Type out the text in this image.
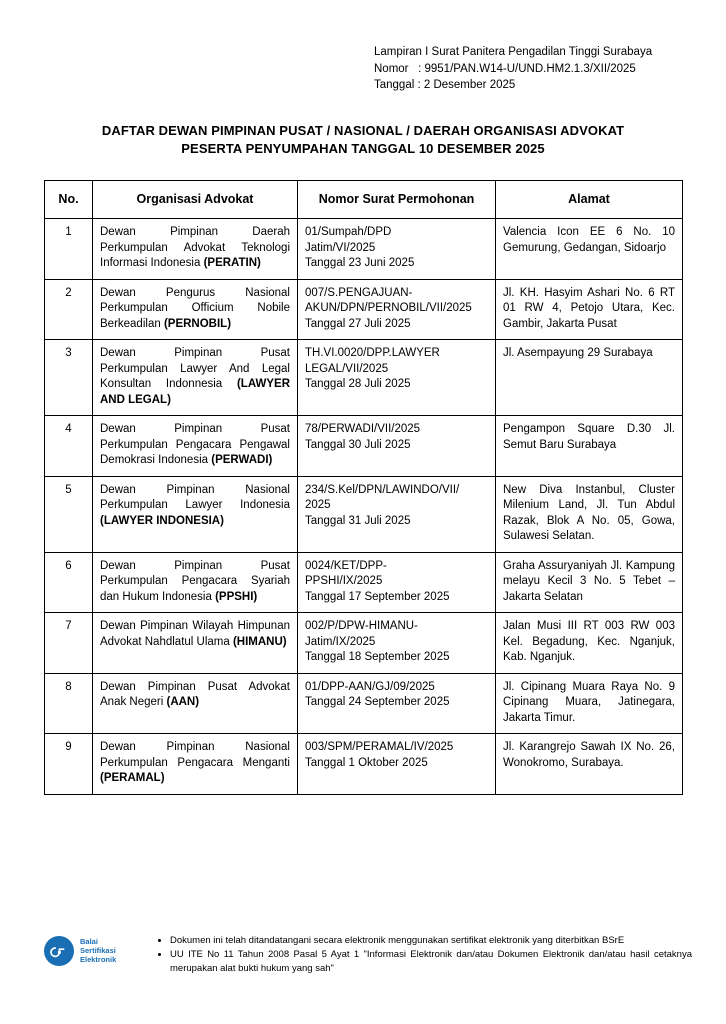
Lampiran I Surat Panitera Pengadilan Tinggi Surabaya
Nomor   : 9951/PAN.W14-U/UND.HM2.1.3/XII/2025
Tanggal : 2 Desember 2025
DAFTAR DEWAN PIMPINAN PUSAT / NASIONAL / DAERAH ORGANISASI ADVOKAT
PESERTA PENYUMPAHAN TANGGAL 10 DESEMBER 2025
No.	Organisasi Advokat	Nomor Surat Permohonan	Alamat
1	Dewan Pimpinan Daerah Perkumpulan Advokat Teknologi Informasi Indonesia (PERATIN)	01/Sumpah/DPD
Jatim/VI/2025
Tanggal 23 Juni 2025	Valencia Icon EE 6 No. 10 Gemurung, Gedangan, Sidoarjo
2	Dewan Pengurus Nasional Perkumpulan Officium Nobile Berkeadilan (PERNOBIL)	007/S.PENGAJUAN-
AKUN/DPN/PERNOBIL/VII/2025
Tanggal 27 Juli 2025	Jl. KH. Hasyim Ashari No. 6 RT 01 RW 4, Petojo Utara, Kec. Gambir, Jakarta Pusat
3	Dewan Pimpinan Pusat Perkumpulan Lawyer And Legal Konsultan Indonnesia (LAWYER AND LEGAL)	TH.VI.0020/DPP.LAWYER
LEGAL/VII/2025
Tanggal 28 Juli 2025	Jl. Asempayung 29 Surabaya
4	Dewan Pimpinan Pusat Perkumpulan Pengacara Pengawal Demokrasi Indonesia (PERWADI)	78/PERWADI/VII/2025
Tanggal 30 Juli 2025	Pengampon Square D.30 Jl. Semut Baru Surabaya
5	Dewan Pimpinan Nasional Perkumpulan Lawyer Indonesia (LAWYER INDONESIA)	234/S.Kel/DPN/LAWINDO/VII/
2025
Tanggal 31 Juli 2025	New Diva Instanbul, Cluster Milenium Land, Jl. Tun Abdul Razak, Blok A No. 05, Gowa, Sulawesi Selatan.
6	Dewan Pimpinan Pusat Perkumpulan Pengacara Syariah dan Hukum Indonesia (PPSHI)	0024/KET/DPP-
PPSHI/IX/2025
Tanggal 17 September 2025	Graha Assuryaniyah Jl. Kampung melayu Kecil 3 No. 5 Tebet – Jakarta Selatan
7	Dewan Pimpinan Wilayah Himpunan Advokat Nahdlatul Ulama (HIMANU)	002/P/DPW-HIMANU-
Jatim/IX/2025
Tanggal 18 September 2025	Jalan Musi III RT 003 RW 003 Kel. Begadung, Kec. Nganjuk, Kab. Nganjuk.
8	Dewan Pimpinan Pusat Advokat Anak Negeri (AAN)	01/DPP-AAN/GJ/09/2025
Tanggal 24 September 2025	Jl. Cipinang Muara Raya No. 9 Cipinang Muara, Jatinegara, Jakarta Timur.
9	Dewan Pimpinan Nasional Perkumpulan Pengacara Menganti (PERAMAL)	003/SPM/PERAMAL/IV/2025
Tanggal 1 Oktober 2025	Jl. Karangrejo Sawah IX No. 26, Wonokromo, Surabaya.
Balai
Sertifikasi
Elektronik
• Dokumen ini telah ditandatangani secara elektronik menggunakan sertifikat elektronik yang diterbitkan BSrE
• UU ITE No 11 Tahun 2008 Pasal 5 Ayat 1 "Informasi Elektronik dan/atau Dokumen Elektronik dan/atau hasil cetaknya merupakan alat bukti hukum yang sah"
